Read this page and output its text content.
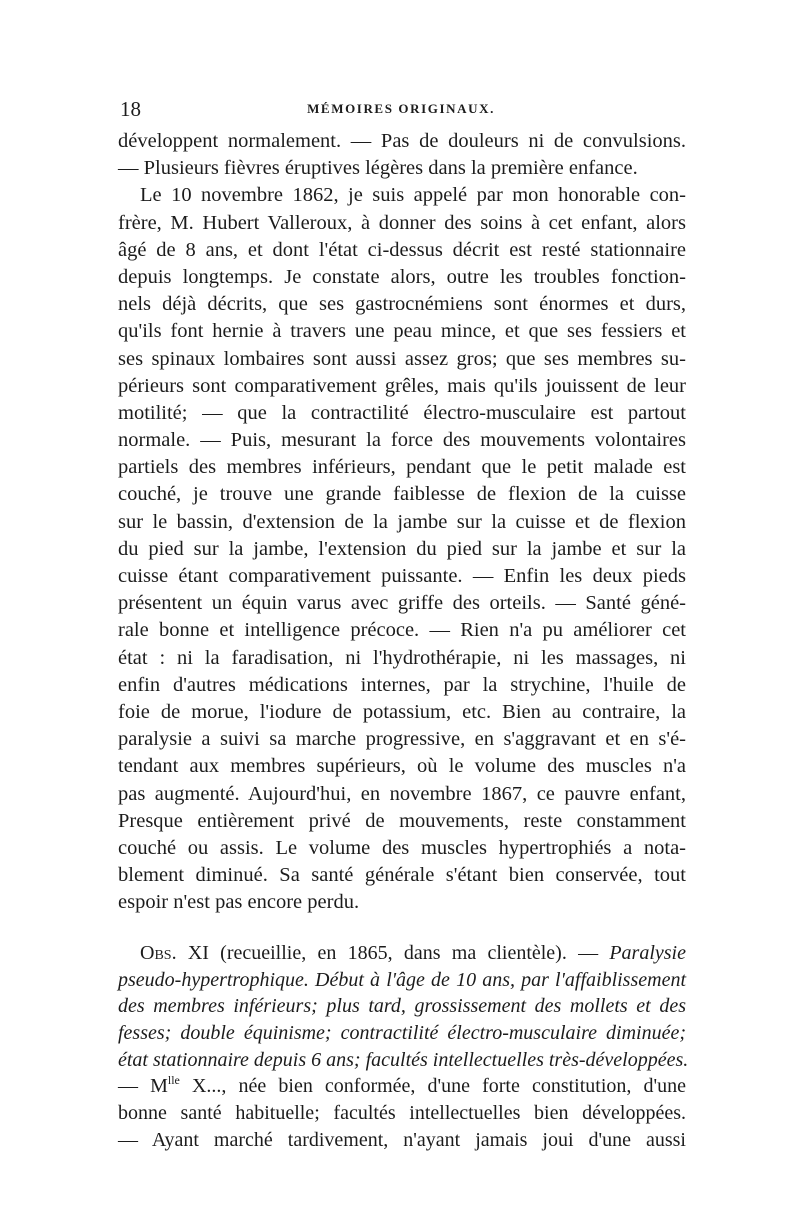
18	MÉMOIRES ORIGINAUX.
développent normalement. — Pas de douleurs ni de convulsions.
— Plusieurs fièvres éruptives légères dans la première enfance.
Le 10 novembre 1862, je suis appelé par mon honorable con-
frère, M. Hubert Valleroux, à donner des soins à cet enfant, alors
âgé de 8 ans, et dont l'état ci-dessus décrit est resté stationnaire
depuis longtemps. Je constate alors, outre les troubles fonction-
nels déjà décrits, que ses gastrocnémiens sont énormes et durs,
qu'ils font hernie à travers une peau mince, et que ses fessiers et
ses spinaux lombaires sont aussi assez gros; que ses membres su-
périeurs sont comparativement grêles, mais qu'ils jouissent de leur
motilité; — que la contractilité électro-musculaire est partout
normale. — Puis, mesurant la force des mouvements volontaires
partiels des membres inférieurs, pendant que le petit malade est
couché, je trouve une grande faiblesse de flexion de la cuisse
sur le bassin, d'extension de la jambe sur la cuisse et de flexion
du pied sur la jambe, l'extension du pied sur la jambe et sur la
cuisse étant comparativement puissante. — Enfin les deux pieds
présentent un équin varus avec griffe des orteils. — Santé géné-
rale bonne et intelligence précoce. — Rien n'a pu améliorer cet
état : ni la faradisation, ni l'hydrothérapie, ni les massages, ni
enfin d'autres médications internes, par la strychine, l'huile de
foie de morue, l'iodure de potassium, etc. Bien au contraire, la
paralysie a suivi sa marche progressive, en s'aggravant et en s'é-
tendant aux membres supérieurs, où le volume des muscles n'a
pas augmenté. Aujourd'hui, en novembre 1867, ce pauvre enfant,
Presque entièrement privé de mouvements, reste constamment
couché ou assis. Le volume des muscles hypertrophiés a nota-
blement diminué. Sa santé générale s'étant bien conservée, tout
espoir n'est pas encore perdu.
Obs. XI (recueillie, en 1865, dans ma clientèle). — Paralysie
pseudo-hypertrophique. Début à l'âge de 10 ans, par l'affaiblissement
des membres inférieurs; plus tard, grossissement des mollets et des
fesses; double équinisme; contractilité électro-musculaire diminuée;
état stationnaire depuis 6 ans; facultés intellectuelles très-développées.
— $M^{lle}$ X..., née bien conformée, d'une forte constitution, d'une
bonne santé habituelle; facultés intellectuelles bien développées.
— Ayant marché tardivement, n'ayant jamais joui d'une aussi
